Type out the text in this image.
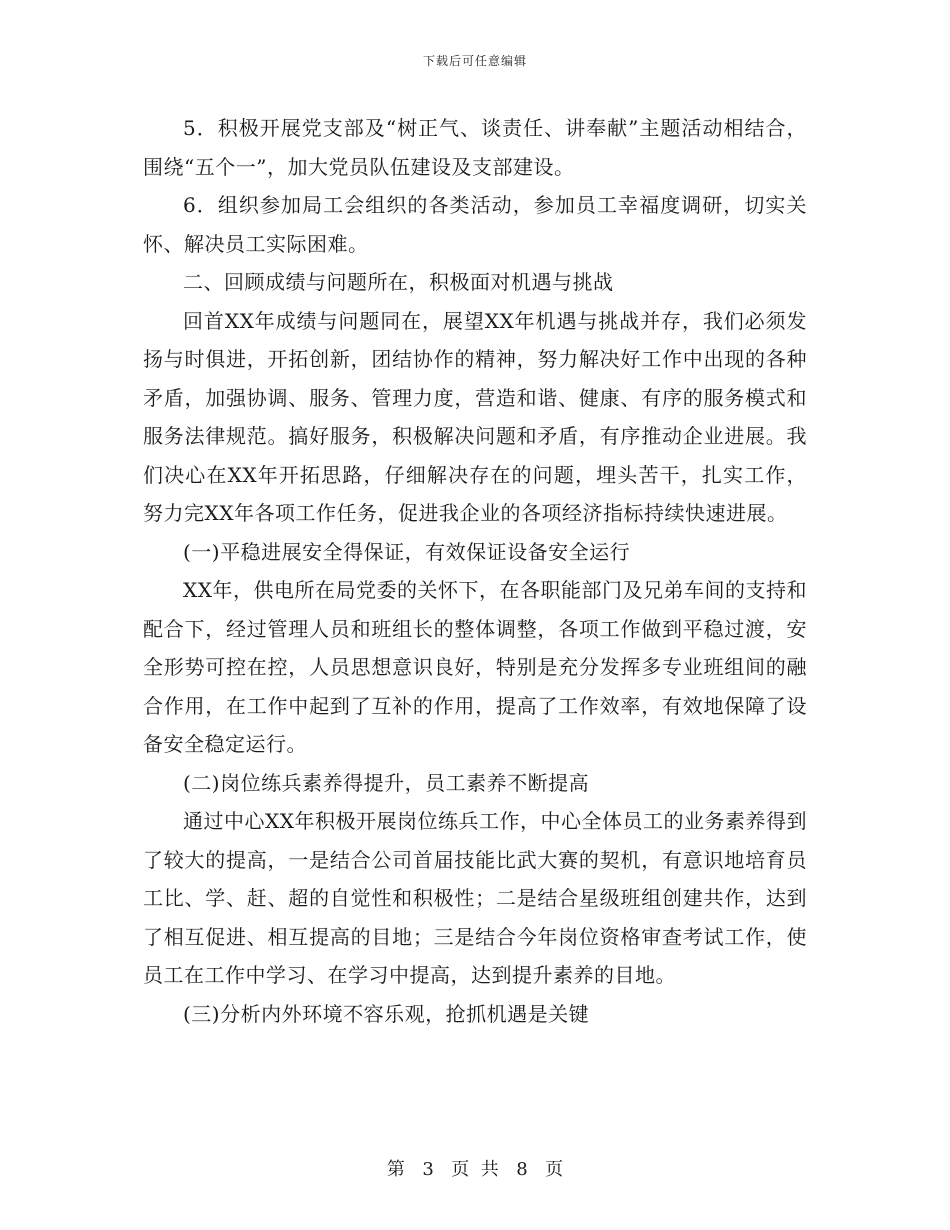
下载后可任意编辑

5．积极开展党支部及“树正气、谈责任、讲奉献”主题活动相结合，围绕“五个一”，加大党员队伍建设及支部建设。

6．组织参加局工会组织的各类活动，参加员工幸福度调研，切实关怀、解决员工实际困难。

二、回顾成绩与问题所在，积极面对机遇与挑战

回首XX年成绩与问题同在，展望XX年机遇与挑战并存，我们必须发扬与时俱进，开拓创新，团结协作的精神，努力解决好工作中出现的各种矛盾，加强协调、服务、管理力度，营造和谐、健康、有序的服务模式和服务法律规范。搞好服务，积极解决问题和矛盾，有序推动企业进展。我们决心在XX年开拓思路，仔细解决存在的问题，埋头苦干，扎实工作，努力完XX年各项工作任务，促进我企业的各项经济指标持续快速进展。

(一)平稳进展安全得保证，有效保证设备安全运行

XX年，供电所在局党委的关怀下，在各职能部门及兄弟车间的支持和配合下，经过管理人员和班组长的整体调整，各项工作做到平稳过渡，安全形势可控在控，人员思想意识良好，特别是充分发挥多专业班组间的融合作用，在工作中起到了互补的作用，提高了工作效率，有效地保障了设备安全稳定运行。

(二)岗位练兵素养得提升，员工素养不断提高

通过中心XX年积极开展岗位练兵工作，中心全体员工的业务素养得到了较大的提高，一是结合公司首届技能比武大赛的契机，有意识地培育员工比、学、赶、超的自觉性和积极性；二是结合星级班组创建共作，达到了相互促进、相互提高的目地；三是结合今年岗位资格审查考试工作，使员工在工作中学习、在学习中提高，达到提升素养的目地。

(三)分析内外环境不容乐观，抢抓机遇是关键

第 3 页  共 8 页
